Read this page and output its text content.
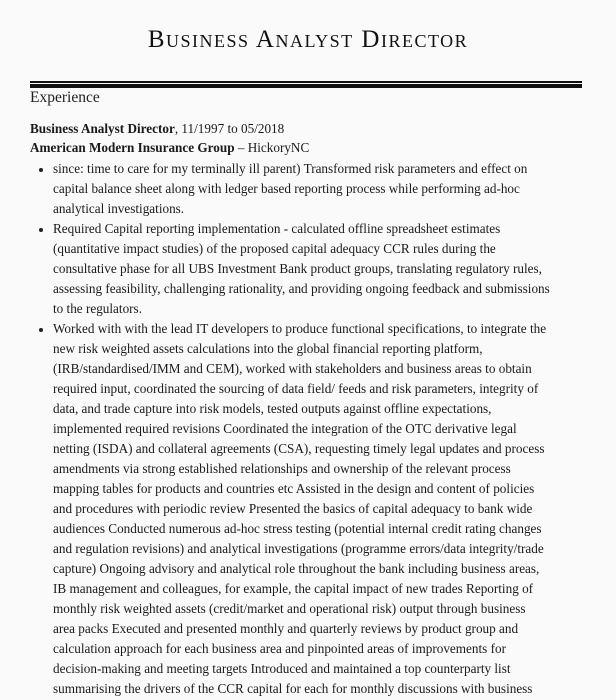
Business Analyst Director
Experience
Business Analyst Director, 11/1997 to 05/2018
American Modern Insurance Group – HickoryNC
since: time to care for my terminally ill parent) Transformed risk parameters and effect on
capital balance sheet along with ledger based reporting process while performing ad-hoc
analytical investigations.
Required Capital reporting implementation - calculated offline spreadsheet estimates
(quantitative impact studies) of the proposed capital adequacy CCR rules during the
consultative phase for all UBS Investment Bank product groups, translating regulatory rules,
assessing feasibility, challenging rationality, and providing ongoing feedback and submissions
to the regulators.
Worked with with the lead IT developers to produce functional specifications, to integrate the
new risk weighted assets calculations into the global financial reporting platform,
(IRB/standardised/IMM and CEM), worked with stakeholders and business areas to obtain
required input, coordinated the sourcing of data field/ feeds and risk parameters, integrity of
data, and trade capture into risk models, tested outputs against offline expectations,
implemented required revisions Coordinated the integration of the OTC derivative legal
netting (ISDA) and collateral agreements (CSA), requesting timely legal updates and process
amendments via strong established relationships and ownership of the relevant process
mapping tables for products and countries etc Assisted in the design and content of policies
and procedures with periodic review Presented the basics of capital adequacy to bank wide
audiences Conducted numerous ad-hoc stress testing (potential internal credit rating changes
and regulation revisions) and analytical investigations (programme errors/data integrity/trade
capture) Ongoing advisory and analytical role throughout the bank including business areas,
IB management and colleagues, for example, the capital impact of new trades Reporting of
monthly risk weighted assets (credit/market and operational risk) output through business
area packs Executed and presented monthly and quarterly reviews by product group and
calculation approach for each business area and pinpointed areas of improvements for
decision-making and meeting targets Introduced and maintained a top counterparty list
summarising the drivers of the CCR capital for each for monthly discussions with business
